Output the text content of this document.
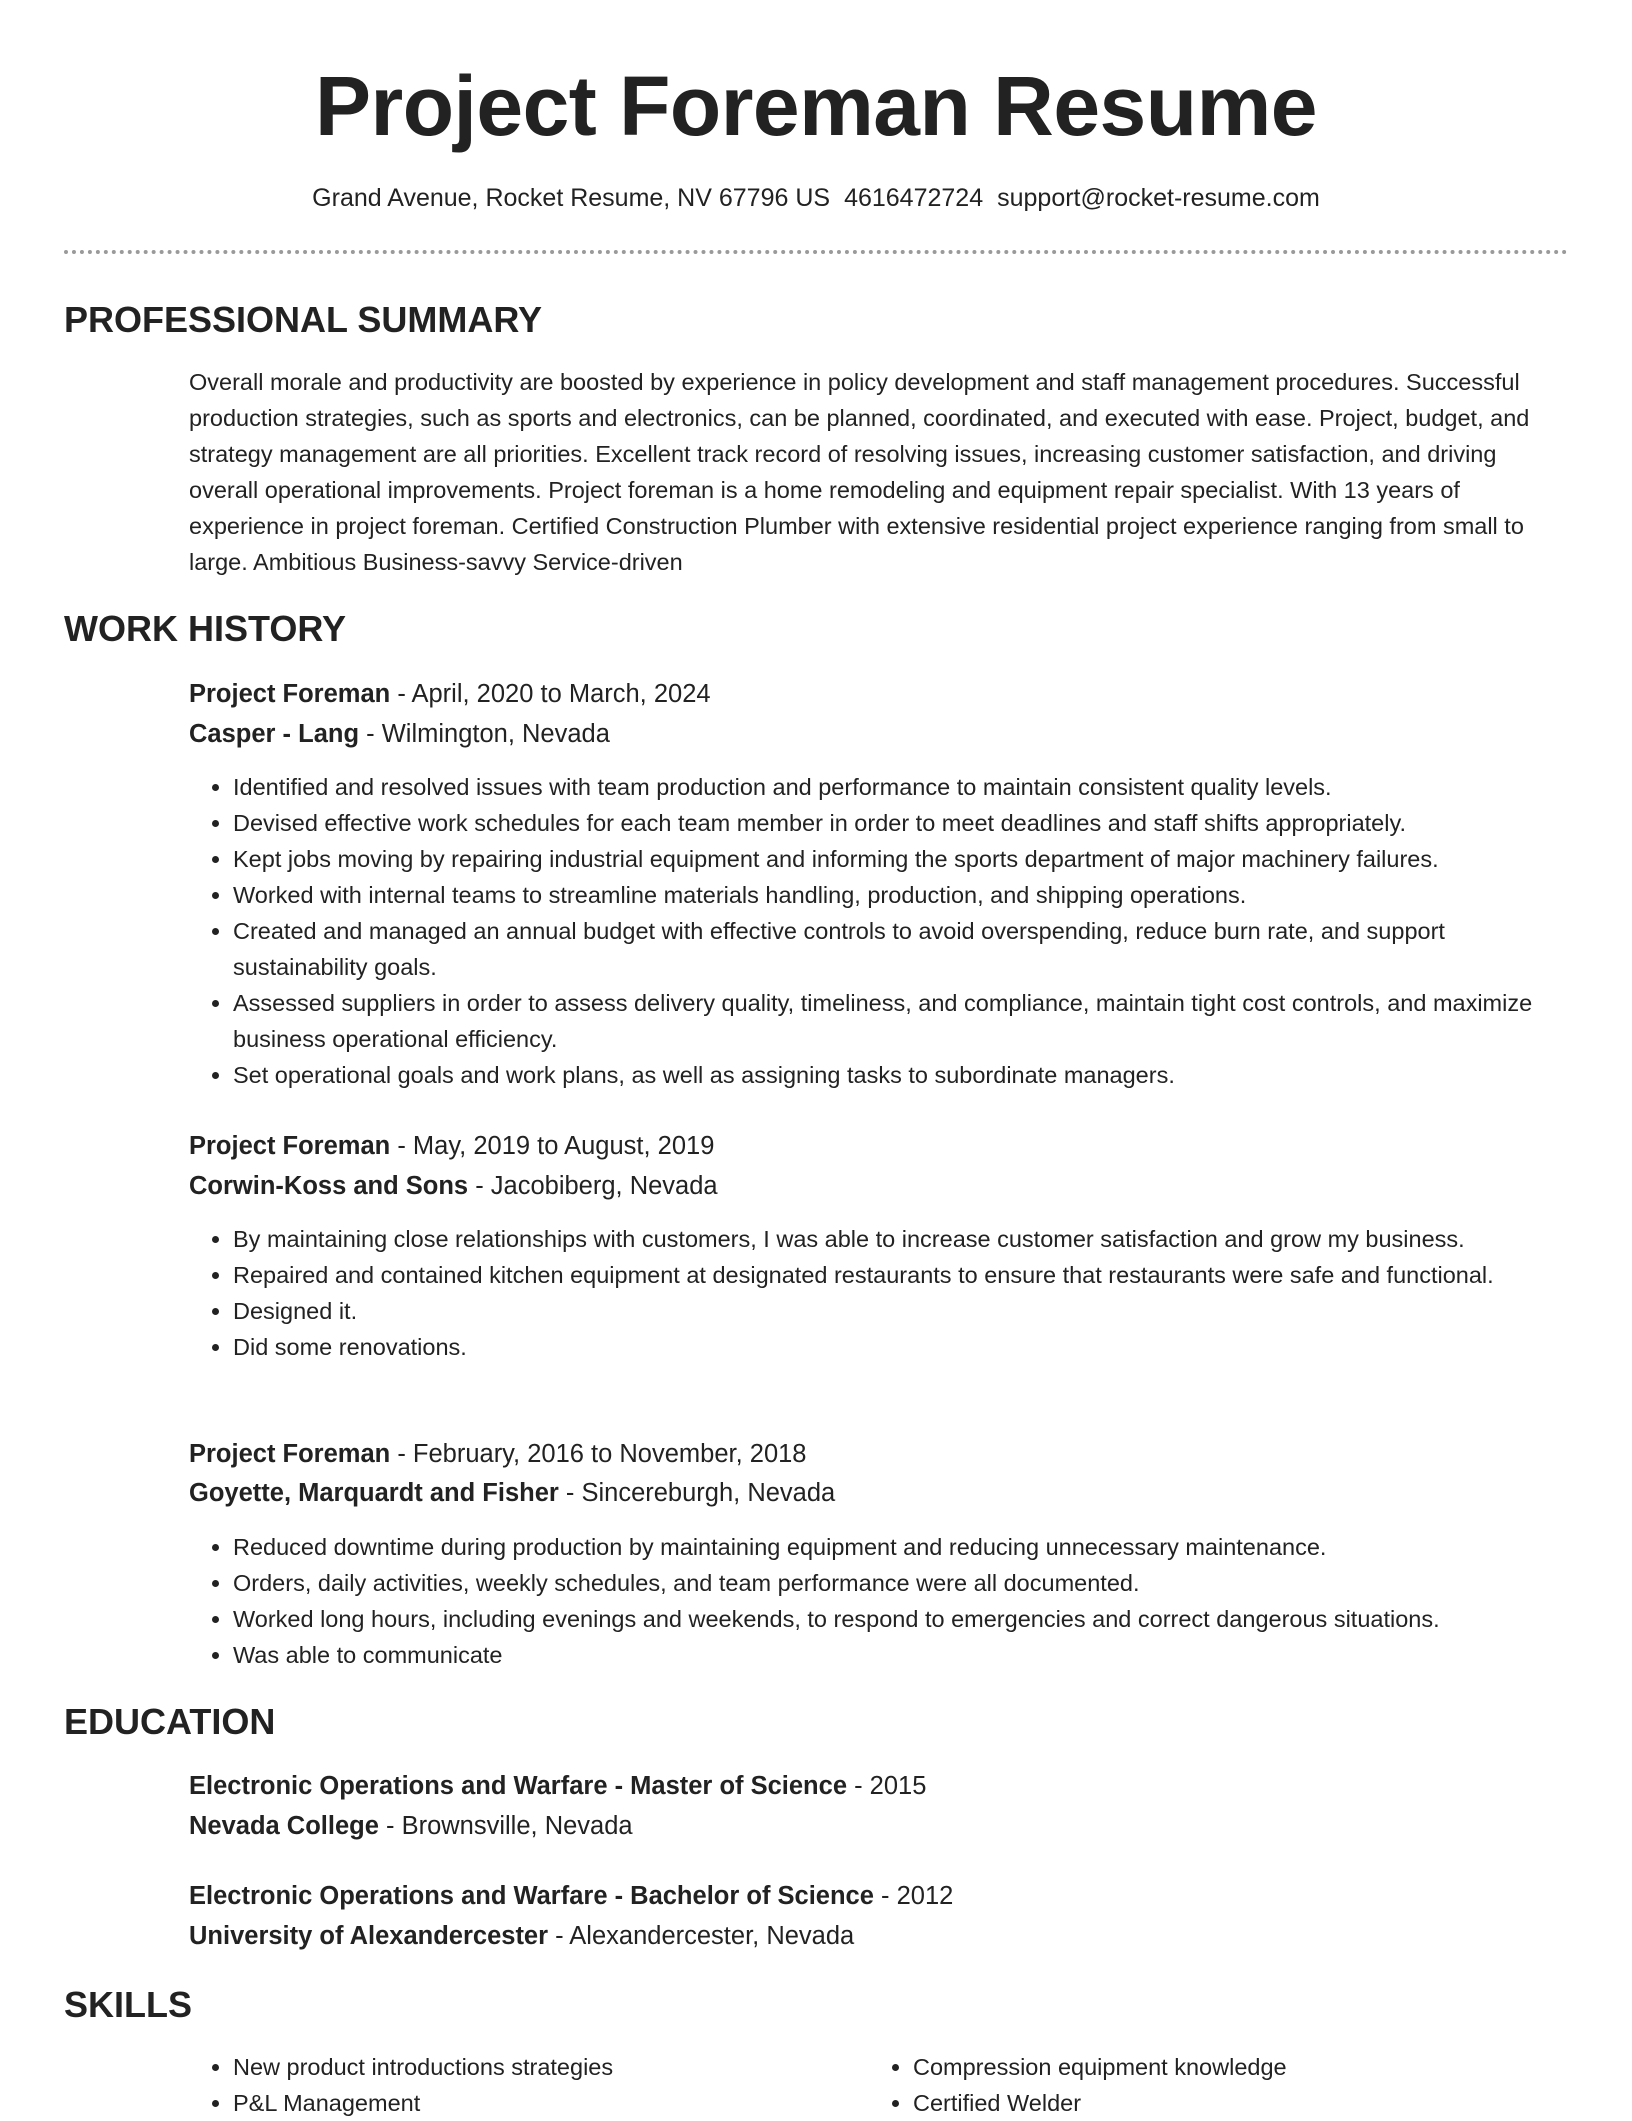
Project Foreman Resume
Grand Avenue, Rocket Resume, NV 67796 US 4616472724 support@rocket-resume.com
PROFESSIONAL SUMMARY
Overall morale and productivity are boosted by experience in policy development and staff management procedures. Successful production strategies, such as sports and electronics, can be planned, coordinated, and executed with ease. Project, budget, and strategy management are all priorities. Excellent track record of resolving issues, increasing customer satisfaction, and driving overall operational improvements. Project foreman is a home remodeling and equipment repair specialist. With 13 years of experience in project foreman. Certified Construction Plumber with extensive residential project experience ranging from small to large. Ambitious Business-savvy Service-driven
WORK HISTORY
Project Foreman - April, 2020 to March, 2024
Casper - Lang - Wilmington, Nevada
• Identified and resolved issues with team production and performance to maintain consistent quality levels.
• Devised effective work schedules for each team member in order to meet deadlines and staff shifts appropriately.
• Kept jobs moving by repairing industrial equipment and informing the sports department of major machinery failures.
• Worked with internal teams to streamline materials handling, production, and shipping operations.
• Created and managed an annual budget with effective controls to avoid overspending, reduce burn rate, and support sustainability goals.
• Assessed suppliers in order to assess delivery quality, timeliness, and compliance, maintain tight cost controls, and maximize business operational efficiency.
• Set operational goals and work plans, as well as assigning tasks to subordinate managers.
Project Foreman - May, 2019 to August, 2019
Corwin-Koss and Sons - Jacobiberg, Nevada
• By maintaining close relationships with customers, I was able to increase customer satisfaction and grow my business.
• Repaired and contained kitchen equipment at designated restaurants to ensure that restaurants were safe and functional.
• Designed it.
• Did some renovations.
Project Foreman - February, 2016 to November, 2018
Goyette, Marquardt and Fisher - Sincereburgh, Nevada
• Reduced downtime during production by maintaining equipment and reducing unnecessary maintenance.
• Orders, daily activities, weekly schedules, and team performance were all documented.
• Worked long hours, including evenings and weekends, to respond to emergencies and correct dangerous situations.
• Was able to communicate
EDUCATION
Electronic Operations and Warfare - Master of Science - 2015
Nevada College - Brownsville, Nevada
Electronic Operations and Warfare - Bachelor of Science - 2012
University of Alexandercester - Alexandercester, Nevada
SKILLS
• New product introductions strategies
• P&L Management
• Compression equipment knowledge
• Certified Welder
